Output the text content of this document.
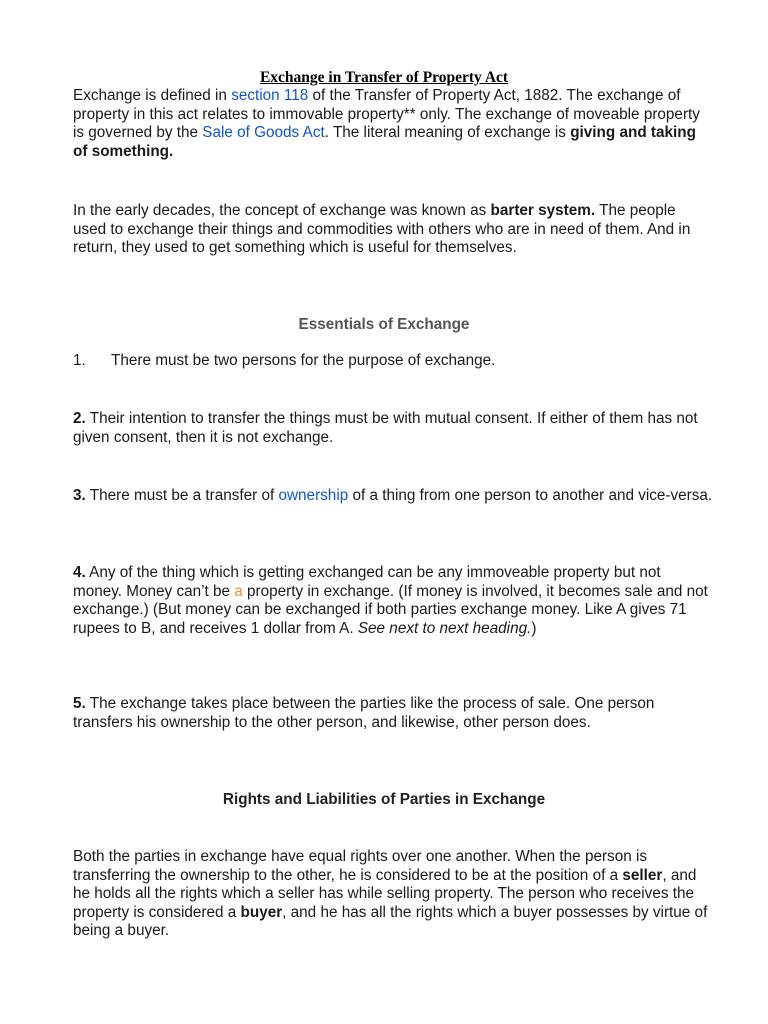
Exchange in Transfer of Property Act

Exchange is defined in section 118 of the Transfer of Property Act, 1882. The exchange of property in this act relates to immovable property** only. The exchange of moveable property is governed by the Sale of Goods Act. The literal meaning of exchange is giving and taking of something.

In the early decades, the concept of exchange was known as barter system. The people used to exchange their things and commodities with others who are in need of them. And in return, they used to get something which is useful for themselves.

Essentials of Exchange

1. There must be two persons for the purpose of exchange.

2. Their intention to transfer the things must be with mutual consent. If either of them has not given consent, then it is not exchange.

3. There must be a transfer of ownership of a thing from one person to another and vice-versa.

4. Any of the thing which is getting exchanged can be any immoveable property but not money. Money can’t be a property in exchange. (If money is involved, it becomes sale and not exchange.) (But money can be exchanged if both parties exchange money. Like A gives 71 rupees to B, and receives 1 dollar from A. See next to next heading.)

5. The exchange takes place between the parties like the process of sale. One person transfers his ownership to the other person, and likewise, other person does.

Rights and Liabilities of Parties in Exchange

Both the parties in exchange have equal rights over one another. When the person is transferring the ownership to the other, he is considered to be at the position of a seller, and he holds all the rights which a seller has while selling property. The person who receives the property is considered a buyer, and he has all the rights which a buyer possesses by virtue of being a buyer.
